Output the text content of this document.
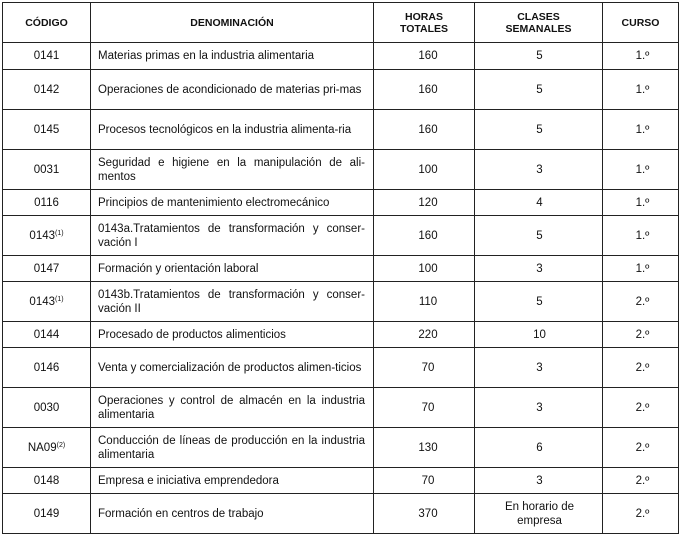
CÓDIGO	DENOMINACIÓN	HORAS TOTALES	CLASES SEMANALES	CURSO
0141	Materias primas en la industria alimentaria	160	5	1.º
0142	Operaciones de acondicionado de materias pri-mas	160	5	1.º
0145	Procesos tecnológicos en la industria alimenta-ria	160	5	1.º
0031	Seguridad e higiene en la manipulación de ali-mentos	100	3	1.º
0116	Principios de mantenimiento electromecánico	120	4	1.º
0143$^{(1)}$	0143a.Tratamientos de transformación y conser-vación I	160	5	1.º
0147	Formación y orientación laboral	100	3	1.º
0143$^{(1)}$	0143b.Tratamientos de transformación y conser-vación II	110	5	2.º
0144	Procesado de productos alimenticios	220	10	2.º
0146	Venta y comercialización de productos alimen-ticios	70	3	2.º
0030	Operaciones y control de almacén en la industria alimentaria	70	3	2.º
NA09$^{(2)}$	Conducción de líneas de producción en la industria alimentaria	130	6	2.º
0148	Empresa e iniciativa emprendedora	70	3	2.º
0149	Formación en centros de trabajo	370	En horario de empresa	2.º
